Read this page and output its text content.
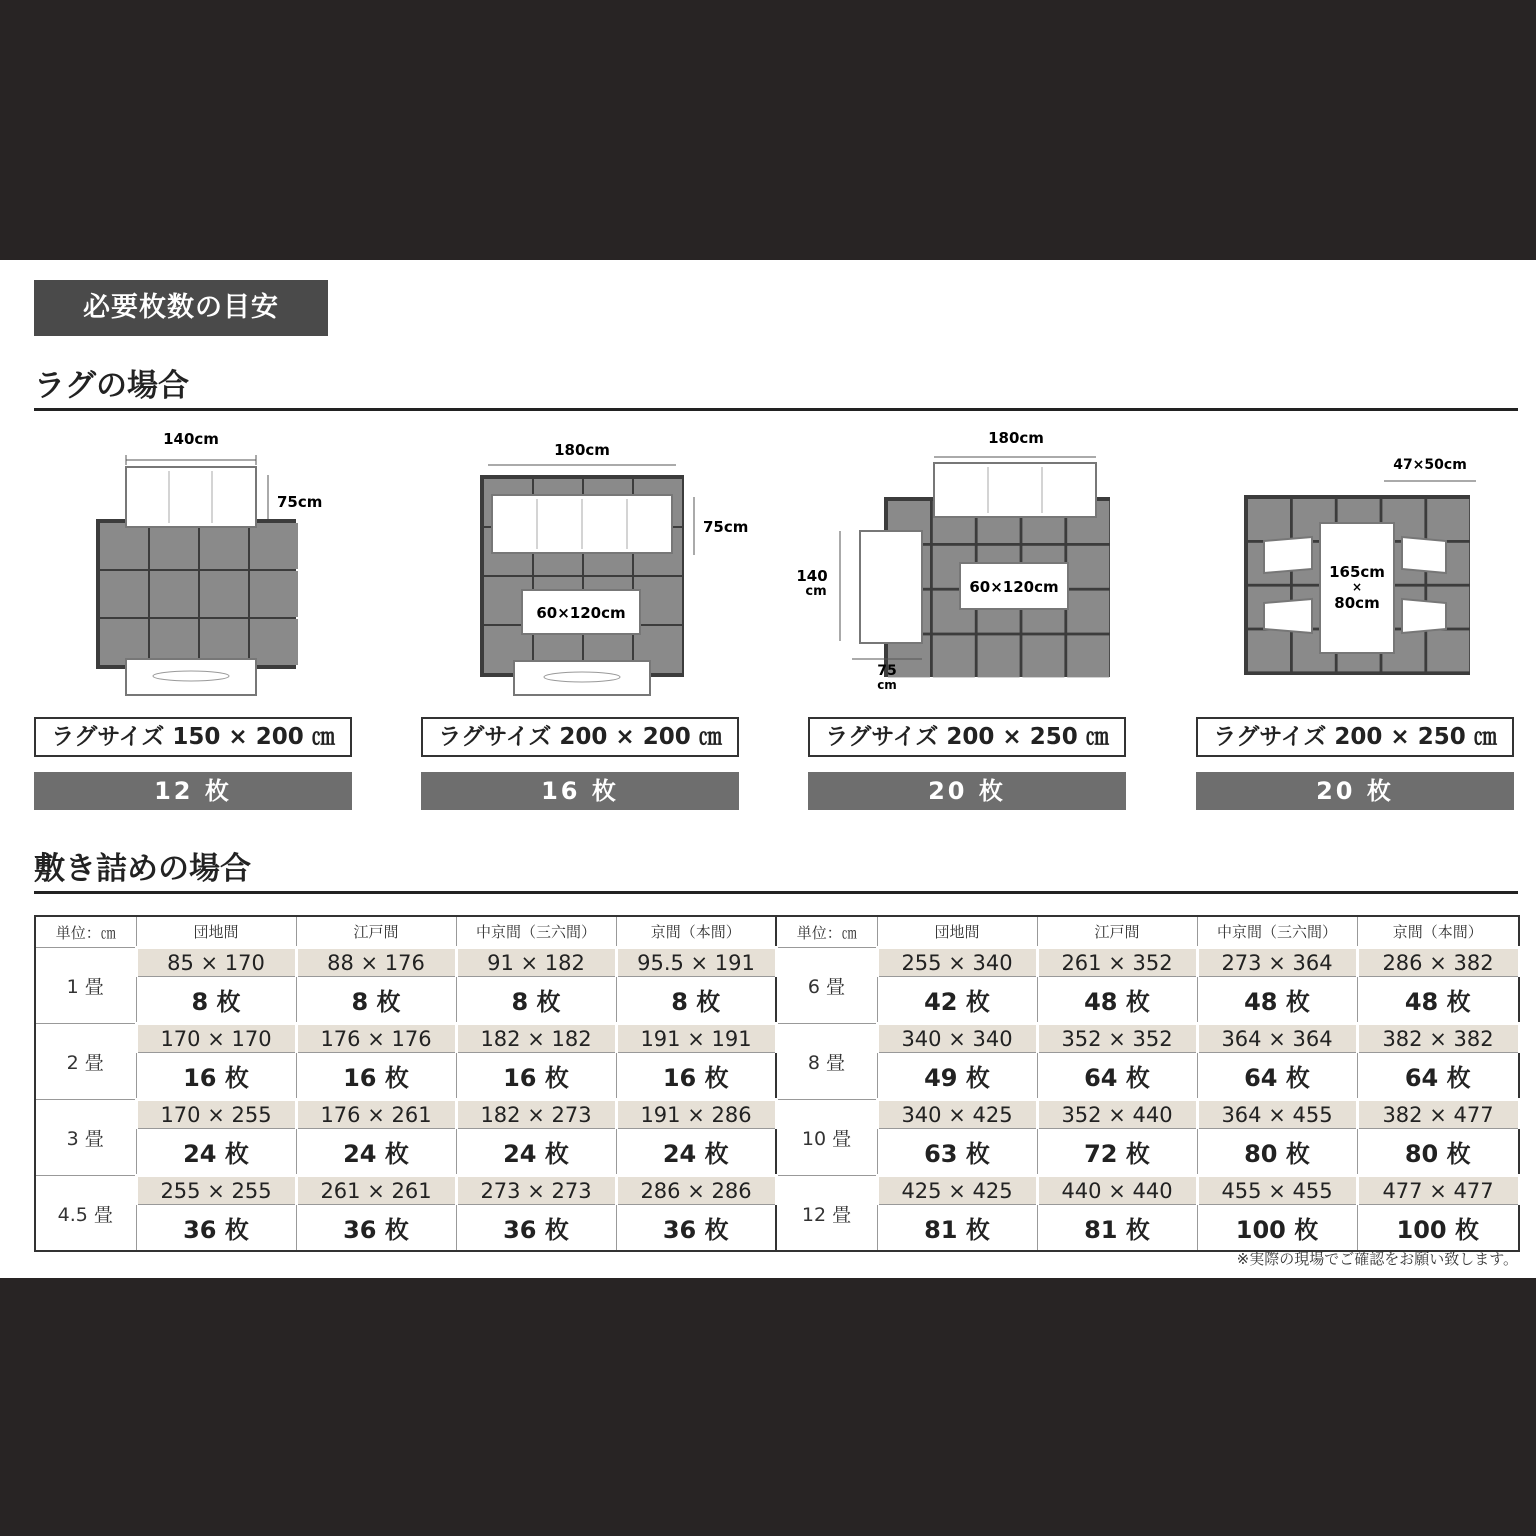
必要枚数の目安
ラグの場合
140cm
75cm
180cm
75cm
60×120cm
180cm
140
cm
75
cm
60×120cm
47×50cm
165cm
×
80cm
ラグサイズ 150 × 200 ㎝	ラグサイズ 200 × 200 ㎝	ラグサイズ 200 × 250 ㎝	ラグサイズ 200 × 250 ㎝
12 枚	16 枚	20 枚	20 枚
敷き詰めの場合
単位：㎝	団地間	江戸間	中京間（三六間）	京間（本間）	単位：㎝	団地間	江戸間	中京間（三六間）	京間（本間）
1 畳	85 × 170	88 × 176	91 × 182	95.5 × 191	6 畳	255 × 340	261 × 352	273 × 364	286 × 382
	8 枚	8 枚	8 枚	8 枚		42 枚	48 枚	48 枚	48 枚
2 畳	170 × 170	176 × 176	182 × 182	191 × 191	8 畳	340 × 340	352 × 352	364 × 364	382 × 382
	16 枚	16 枚	16 枚	16 枚		49 枚	64 枚	64 枚	64 枚
3 畳	170 × 255	176 × 261	182 × 273	191 × 286	10 畳	340 × 425	352 × 440	364 × 455	382 × 477
	24 枚	24 枚	24 枚	24 枚		63 枚	72 枚	80 枚	80 枚
4.5 畳	255 × 255	261 × 261	273 × 273	286 × 286	12 畳	425 × 425	440 × 440	455 × 455	477 × 477
	36 枚	36 枚	36 枚	36 枚		81 枚	81 枚	100 枚	100 枚
※実際の現場でご確認をお願い致します。
